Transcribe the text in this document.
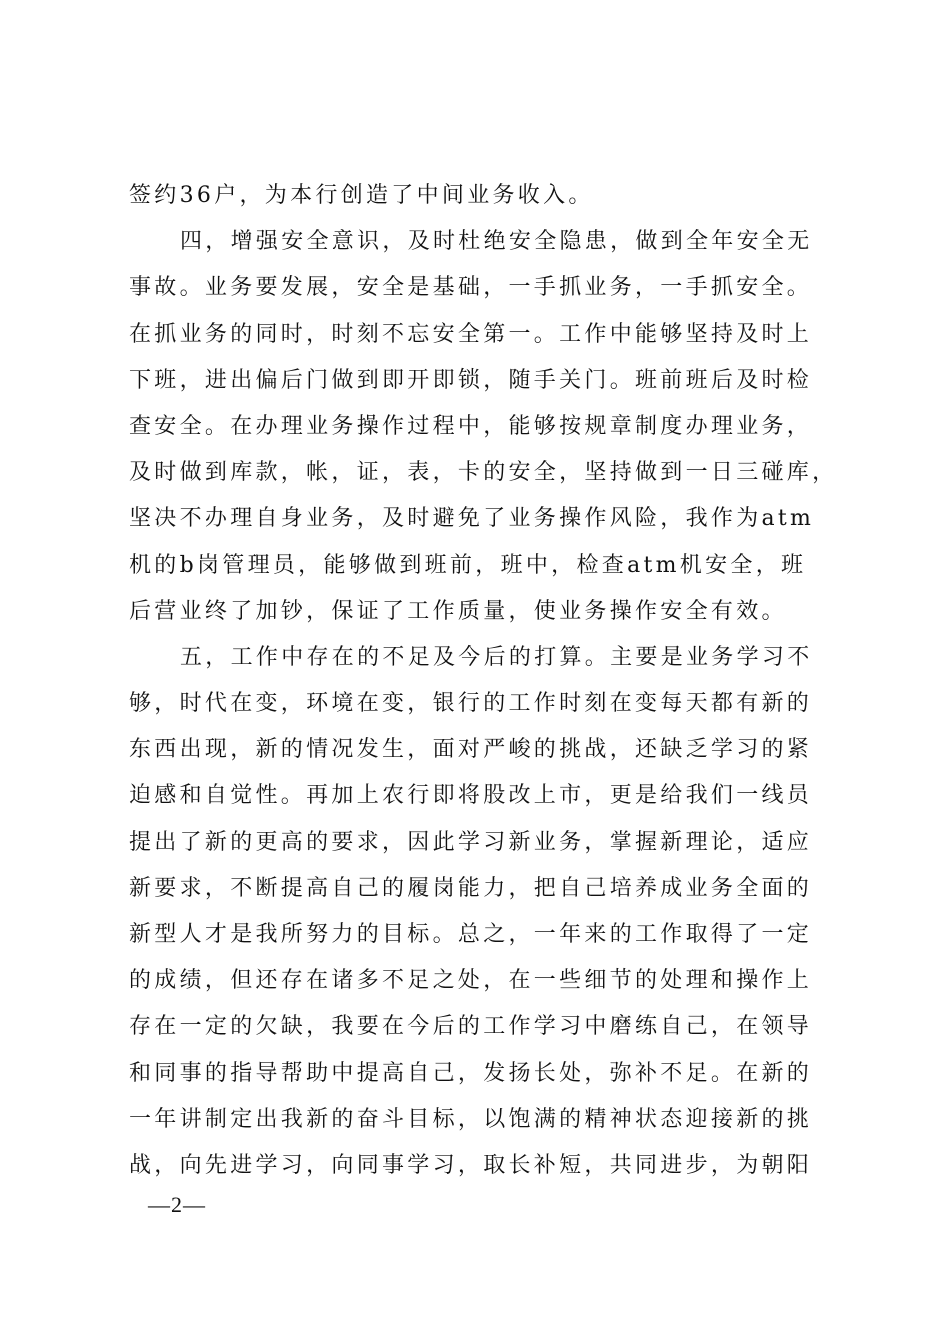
签约36户，为本行创造了中间业务收入。
四，增强安全意识，及时杜绝安全隐患，做到全年安全无
事故。业务要发展，安全是基础，一手抓业务，一手抓安全。
在抓业务的同时，时刻不忘安全第一。工作中能够坚持及时上
下班，进出偏后门做到即开即锁，随手关门。班前班后及时检
查安全。在办理业务操作过程中，能够按规章制度办理业务，
及时做到库款，帐，证，表，卡的安全，坚持做到一日三碰库，
坚决不办理自身业务，及时避免了业务操作风险，我作为atm
机的b岗管理员，能够做到班前，班中，检查atm机安全，班
后营业终了加钞，保证了工作质量，使业务操作安全有效。
五，工作中存在的不足及今后的打算。主要是业务学习不
够，时代在变，环境在变，银行的工作时刻在变每天都有新的
东西出现，新的情况发生，面对严峻的挑战，还缺乏学习的紧
迫感和自觉性。再加上农行即将股改上市，更是给我们一线员
提出了新的更高的要求，因此学习新业务，掌握新理论，适应
新要求，不断提高自己的履岗能力，把自己培养成业务全面的
新型人才是我所努力的目标。总之，一年来的工作取得了一定
的成绩，但还存在诸多不足之处，在一些细节的处理和操作上
存在一定的欠缺，我要在今后的工作学习中磨练自己，在领导
和同事的指导帮助中提高自己，发扬长处，弥补不足。在新的
一年讲制定出我新的奋斗目标，以饱满的精神状态迎接新的挑
战，向先进学习，向同事学习，取长补短，共同进步，为朝阳
—2—
